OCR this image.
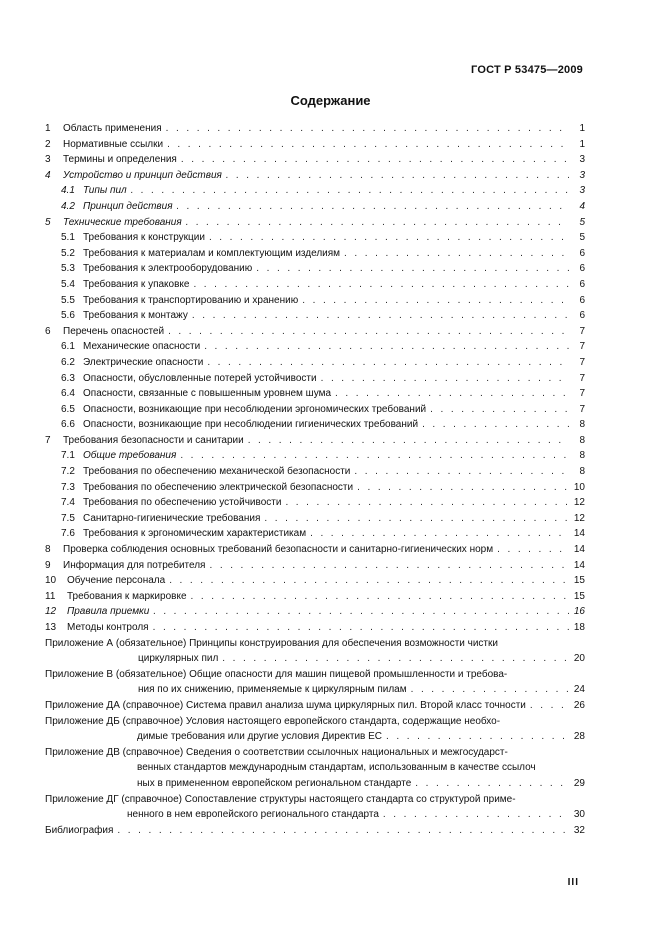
ГОСТ Р 53475—2009
Содержание
1	Область применения . . .	1
2	Нормативные ссылки . . .	1
3	Термины и определения . . .	3
4	Устройство и принцип действия . . .	3
4.1 Типы пил . . .	3
4.2 Принцип действия . . .	4
5	Технические требования . . .	5
5.1 Требования к конструкции . . .	5
5.2 Требования к материалам и комплектующим изделиям . . .	6
5.3 Требования к электрооборудованию . . .	6
5.4 Требования к упаковке . . .	6
5.5 Требования к транспортированию и хранению . . .	6
5.6 Требования к монтажу . . .	6
6	Перечень опасностей . . .	7
6.1 Механические опасности . . .	7
6.2 Электрические опасности . . .	7
6.3 Опасности, обусловленные потерей устойчивости . . .	7
6.4 Опасности, связанные с повышенным уровнем шума . . .	7
6.5 Опасности, возникающие при несоблюдении эргономических требований . . .	7
6.6 Опасности, возникающие при несоблюдении гигиенических требований . . .	8
7	Требования безопасности и санитарии . . .	8
7.1 Общие требования . . .	8
7.2 Требования по обеспечению механической безопасности . . .	8
7.3 Требования по обеспечению электрической безопасности . . .	10
7.4 Требования по обеспечению устойчивости . . .	12
7.5 Санитарно-гигиенические требования . . .	12
7.6 Требования к эргономическим характеристикам . . .	14
8	Проверка соблюдения основных требований безопасности и санитарно-гигиенических норм . . .	14
9	Информация для потребителя . . .	14
10	Обучение персонала . . .	15
11	Требования к маркировке . . .	15
12	Правила приемки . . .	16
13	Методы контроля . . .	18
Приложение А (обязательное) Принципы конструирования для обеспечения возможности чистки
циркулярных пил . . .	20
Приложение В (обязательное) Общие опасности для машин пищевой промышленности и требова-
ния по их снижению, применяемые к циркулярным пилам . . .	24
Приложение ДА (справочное) Система правил анализа шума циркулярных пил. Второй класс точности . . .	26
Приложение ДБ (справочное) Условия настоящего европейского стандарта, содержащие необхо-
димые требования или другие условия Директив ЕС . . .	28
Приложение ДВ (справочное) Сведения о соответствии ссылочных национальных и межгосударст-
венных стандартов международным стандартам, использованным в качестве ссылоч
ных в примененном европейском региональном стандарте . . .	29
Приложение ДГ (справочное) Сопоставление структуры настоящего стандарта со структурой приме-
ненного в нем европейского регионального стандарта . . .	30
Библиография . . .	32
III
